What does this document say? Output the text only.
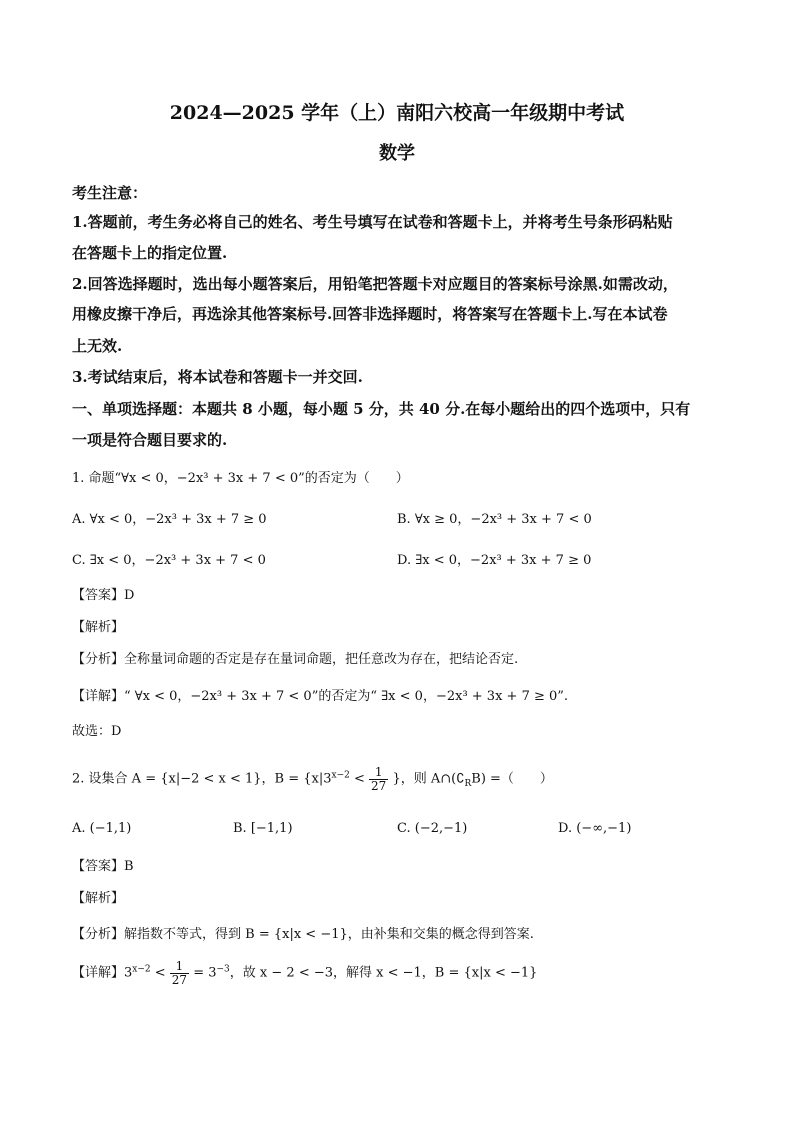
2024—2025 学年（上）南阳六校高一年级期中考试
数学
考生注意：
1.答题前，考生务必将自己的姓名、考生号填写在试卷和答题卡上，并将考生号条形码粘贴
在答题卡上的指定位置.
2.回答选择题时，选出每小题答案后，用铅笔把答题卡对应题目的答案标号涂黑.如需改动，
用橡皮擦干净后，再选涂其他答案标号.回答非选择题时，将答案写在答题卡上.写在本试卷
上无效.
3.考试结束后，将本试卷和答题卡一并交回.
一、单项选择题：本题共 8 小题，每小题 5 分，共 40 分.在每小题给出的四个选项中，只有
一项是符合题目要求的.
1. 命题“∀x < 0，−2x³ + 3x + 7 < 0”的否定为（　　）
A. ∀x < 0，−2x³ + 3x + 7 ≥ 0	B. ∀x ≥ 0，−2x³ + 3x + 7 < 0
C. ∃x < 0，−2x³ + 3x + 7 < 0	D. ∃x < 0，−2x³ + 3x + 7 ≥ 0
【答案】D
【解析】
【分析】全称量词命题的否定是存在量词命题，把任意改为存在，把结论否定.
【详解】“ ∀x < 0，−2x³ + 3x + 7 < 0”的否定为“ ∃x < 0，−2x³ + 3x + 7 ≥ 0”.
故选：D
2. 设集合 A = {x|−2 < x < 1}，$B = \{x|3^{x-2} < \frac{1}{27}$ }，则 $A\cap(∁_RB)$ =（　　）
A. (−1,1)	B. [−1,1)	C. (−2,−1)	D. (−∞,−1)
【答案】B
【解析】
【分析】解指数不等式，得到 B = {x|x < −1}，由补集和交集的概念得到答案.
【详解】$3^{x-2} < \frac{1}{27} = 3^{-3}$，故 x − 2 < −3，解得 x < −1，B = {x|x < −1}
